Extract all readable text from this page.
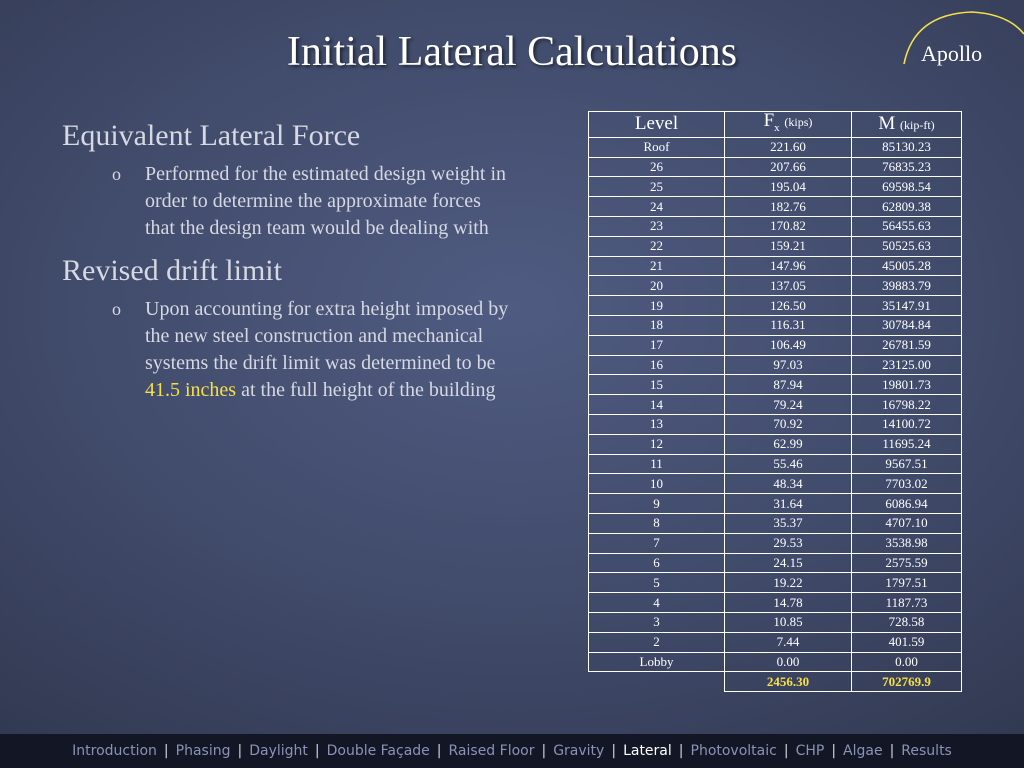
Initial Lateral Calculations	Apollo

Equivalent Lateral Force

o Performed for the estimated design weight in order to determine the approximate forces that the design team would be dealing with

Revised drift limit

o Upon accounting for extra height imposed by the new steel construction and mechanical systems the drift limit was determined to be 41.5 inches at the full height of the building
Level	$F_x$ (kips)	M (kip-ft)
Roof	221.60	85130.23
26	207.66	76835.23
25	195.04	69598.54
24	182.76	62809.38
23	170.82	56455.63
22	159.21	50525.63
21	147.96	45005.28
20	137.05	39883.79
19	126.50	35147.91
18	116.31	30784.84
17	106.49	26781.59
16	97.03	23125.00
15	87.94	19801.73
14	79.24	16798.22
13	70.92	14100.72
12	62.99	11695.24
11	55.46	9567.51
10	48.34	7703.02
9	31.64	6086.94
8	35.37	4707.10
7	29.53	3538.98
6	24.15	2575.59
5	19.22	1797.51
4	14.78	1187.73
3	10.85	728.58
2	7.44	401.59
Lobby	0.00	0.00
	2456.30	702769.9
Introduction | Phasing | Daylight | Double Façade | Raised Floor | Gravity | Lateral | Photovoltaic | CHP | Algae | Results
